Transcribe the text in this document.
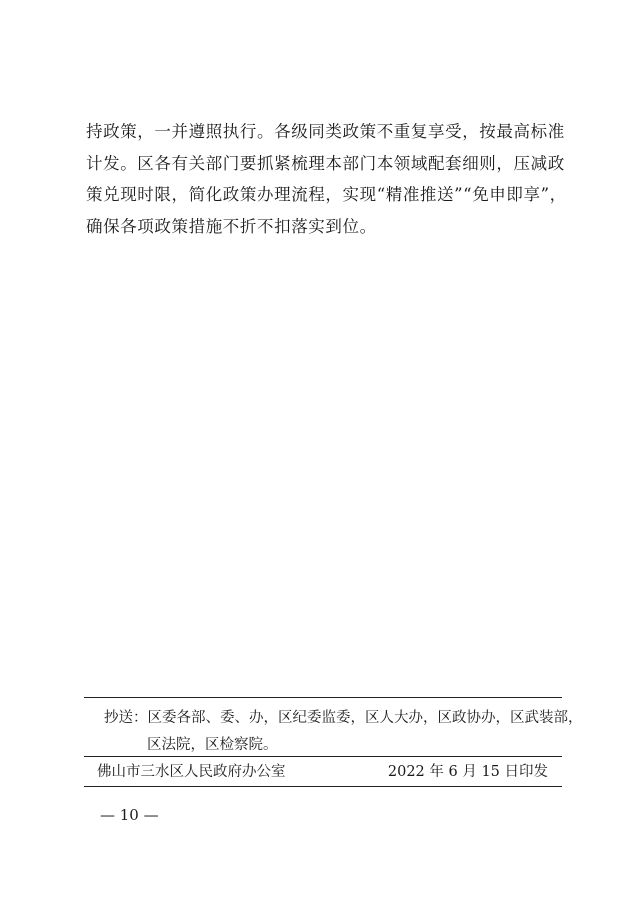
持政策，一并遵照执行。各级同类政策不重复享受，按最高标准
计发。区各有关部门要抓紧梳理本部门本领域配套细则，压减政
策兑现时限，简化政策办理流程，实现“精准推送”“免申即享”，
确保各项政策措施不折不扣落实到位。
抄送：区委各部、委、办，区纪委监委，区人大办，区政协办，区武装部，
区法院，区检察院。
佛山市三水区人民政府办公室	2022 年 6 月 15 日印发
— 10 —
